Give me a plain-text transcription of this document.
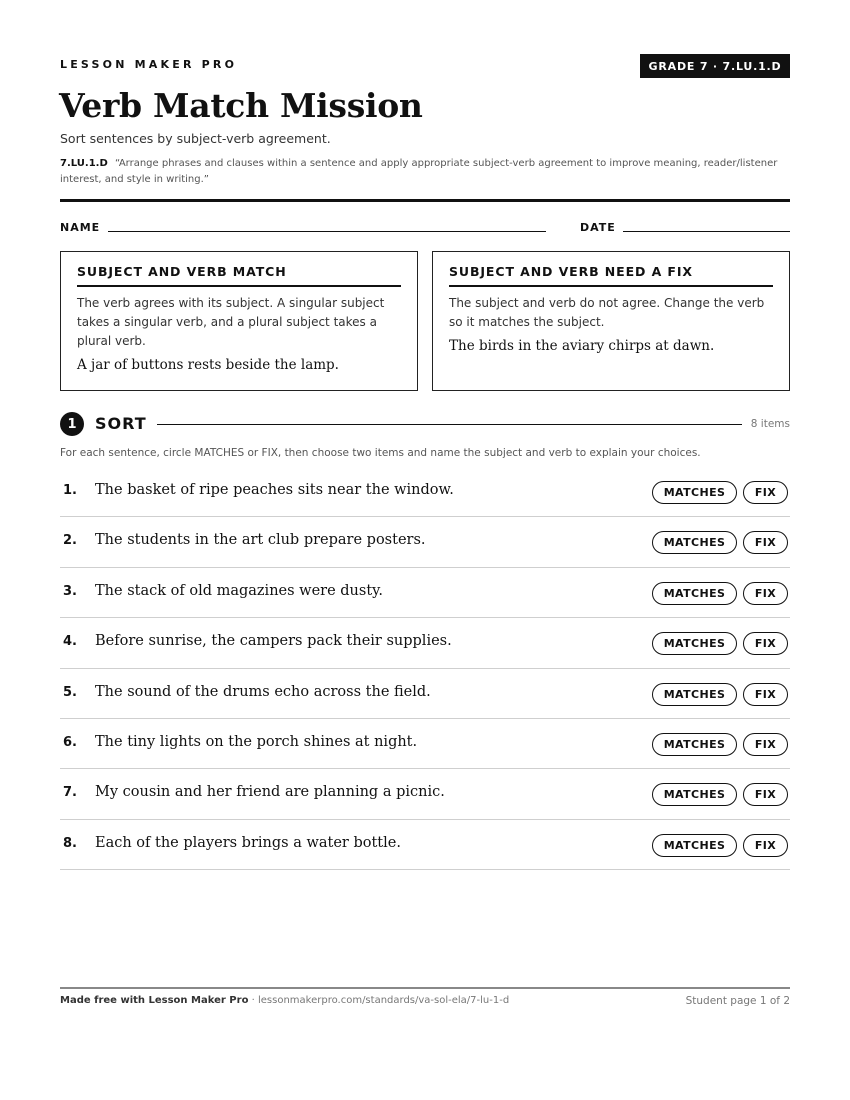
LESSON MAKER PRO	GRADE 7 · 7.LU.1.D
Verb Match Mission
Sort sentences by subject-verb agreement.
7.LU.1.D “Arrange phrases and clauses within a sentence and apply appropriate subject-verb agreement to improve meaning, reader/listener interest, and style in writing.”
NAME	DATE
SUBJECT AND VERB MATCH
The verb agrees with its subject. A singular subject takes a singular verb, and a plural subject takes a plural verb.
A jar of buttons rests beside the lamp.
SUBJECT AND VERB NEED A FIX
The subject and verb do not agree. Change the verb so it matches the subject.
The birds in the aviary chirps at dawn.
1	SORT	8 items
For each sentence, circle MATCHES or FIX, then choose two items and name the subject and verb to explain your choices.
1. The basket of ripe peaches sits near the window.	MATCHES	FIX
2. The students in the art club prepare posters.	MATCHES	FIX
3. The stack of old magazines were dusty.	MATCHES	FIX
4. Before sunrise, the campers pack their supplies.	MATCHES	FIX
5. The sound of the drums echo across the field.	MATCHES	FIX
6. The tiny lights on the porch shines at night.	MATCHES	FIX
7. My cousin and her friend are planning a picnic.	MATCHES	FIX
8. Each of the players brings a water bottle.	MATCHES	FIX
Made free with Lesson Maker Pro · lessonmakerpro.com/standards/va-sol-ela/7-lu-1-d	Student page 1 of 2
